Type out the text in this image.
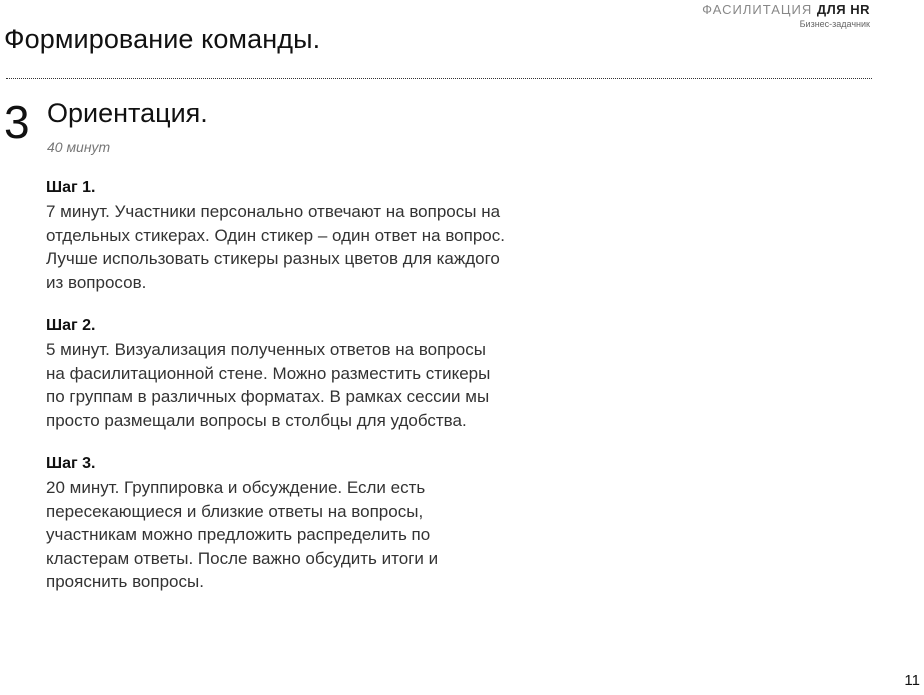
Формирование команды.
ФАСИЛИТАЦИЯ ДЛЯ HR
Бизнес-задачник
3 Ориентация.
40 минут
Шаг 1.
7 минут. Участники персонально отвечают на вопросы на
отдельных стикерах. Один стикер – один ответ на вопрос.
Лучше использовать стикеры разных цветов для каждого
из вопросов.
Шаг 2.
5 минут. Визуализация полученных ответов на вопросы
на фасилитационной стене. Можно разместить стикеры
по группам в различных форматах. В рамках сессии мы
просто размещали вопросы в столбцы для удобства.
Шаг 3.
20 минут. Группировка и обсуждение. Если есть
пересекающиеся и близкие ответы на вопросы,
участникам можно предложить распределить по
кластерам ответы. После важно обсудить итоги и
прояснить вопросы.
11
